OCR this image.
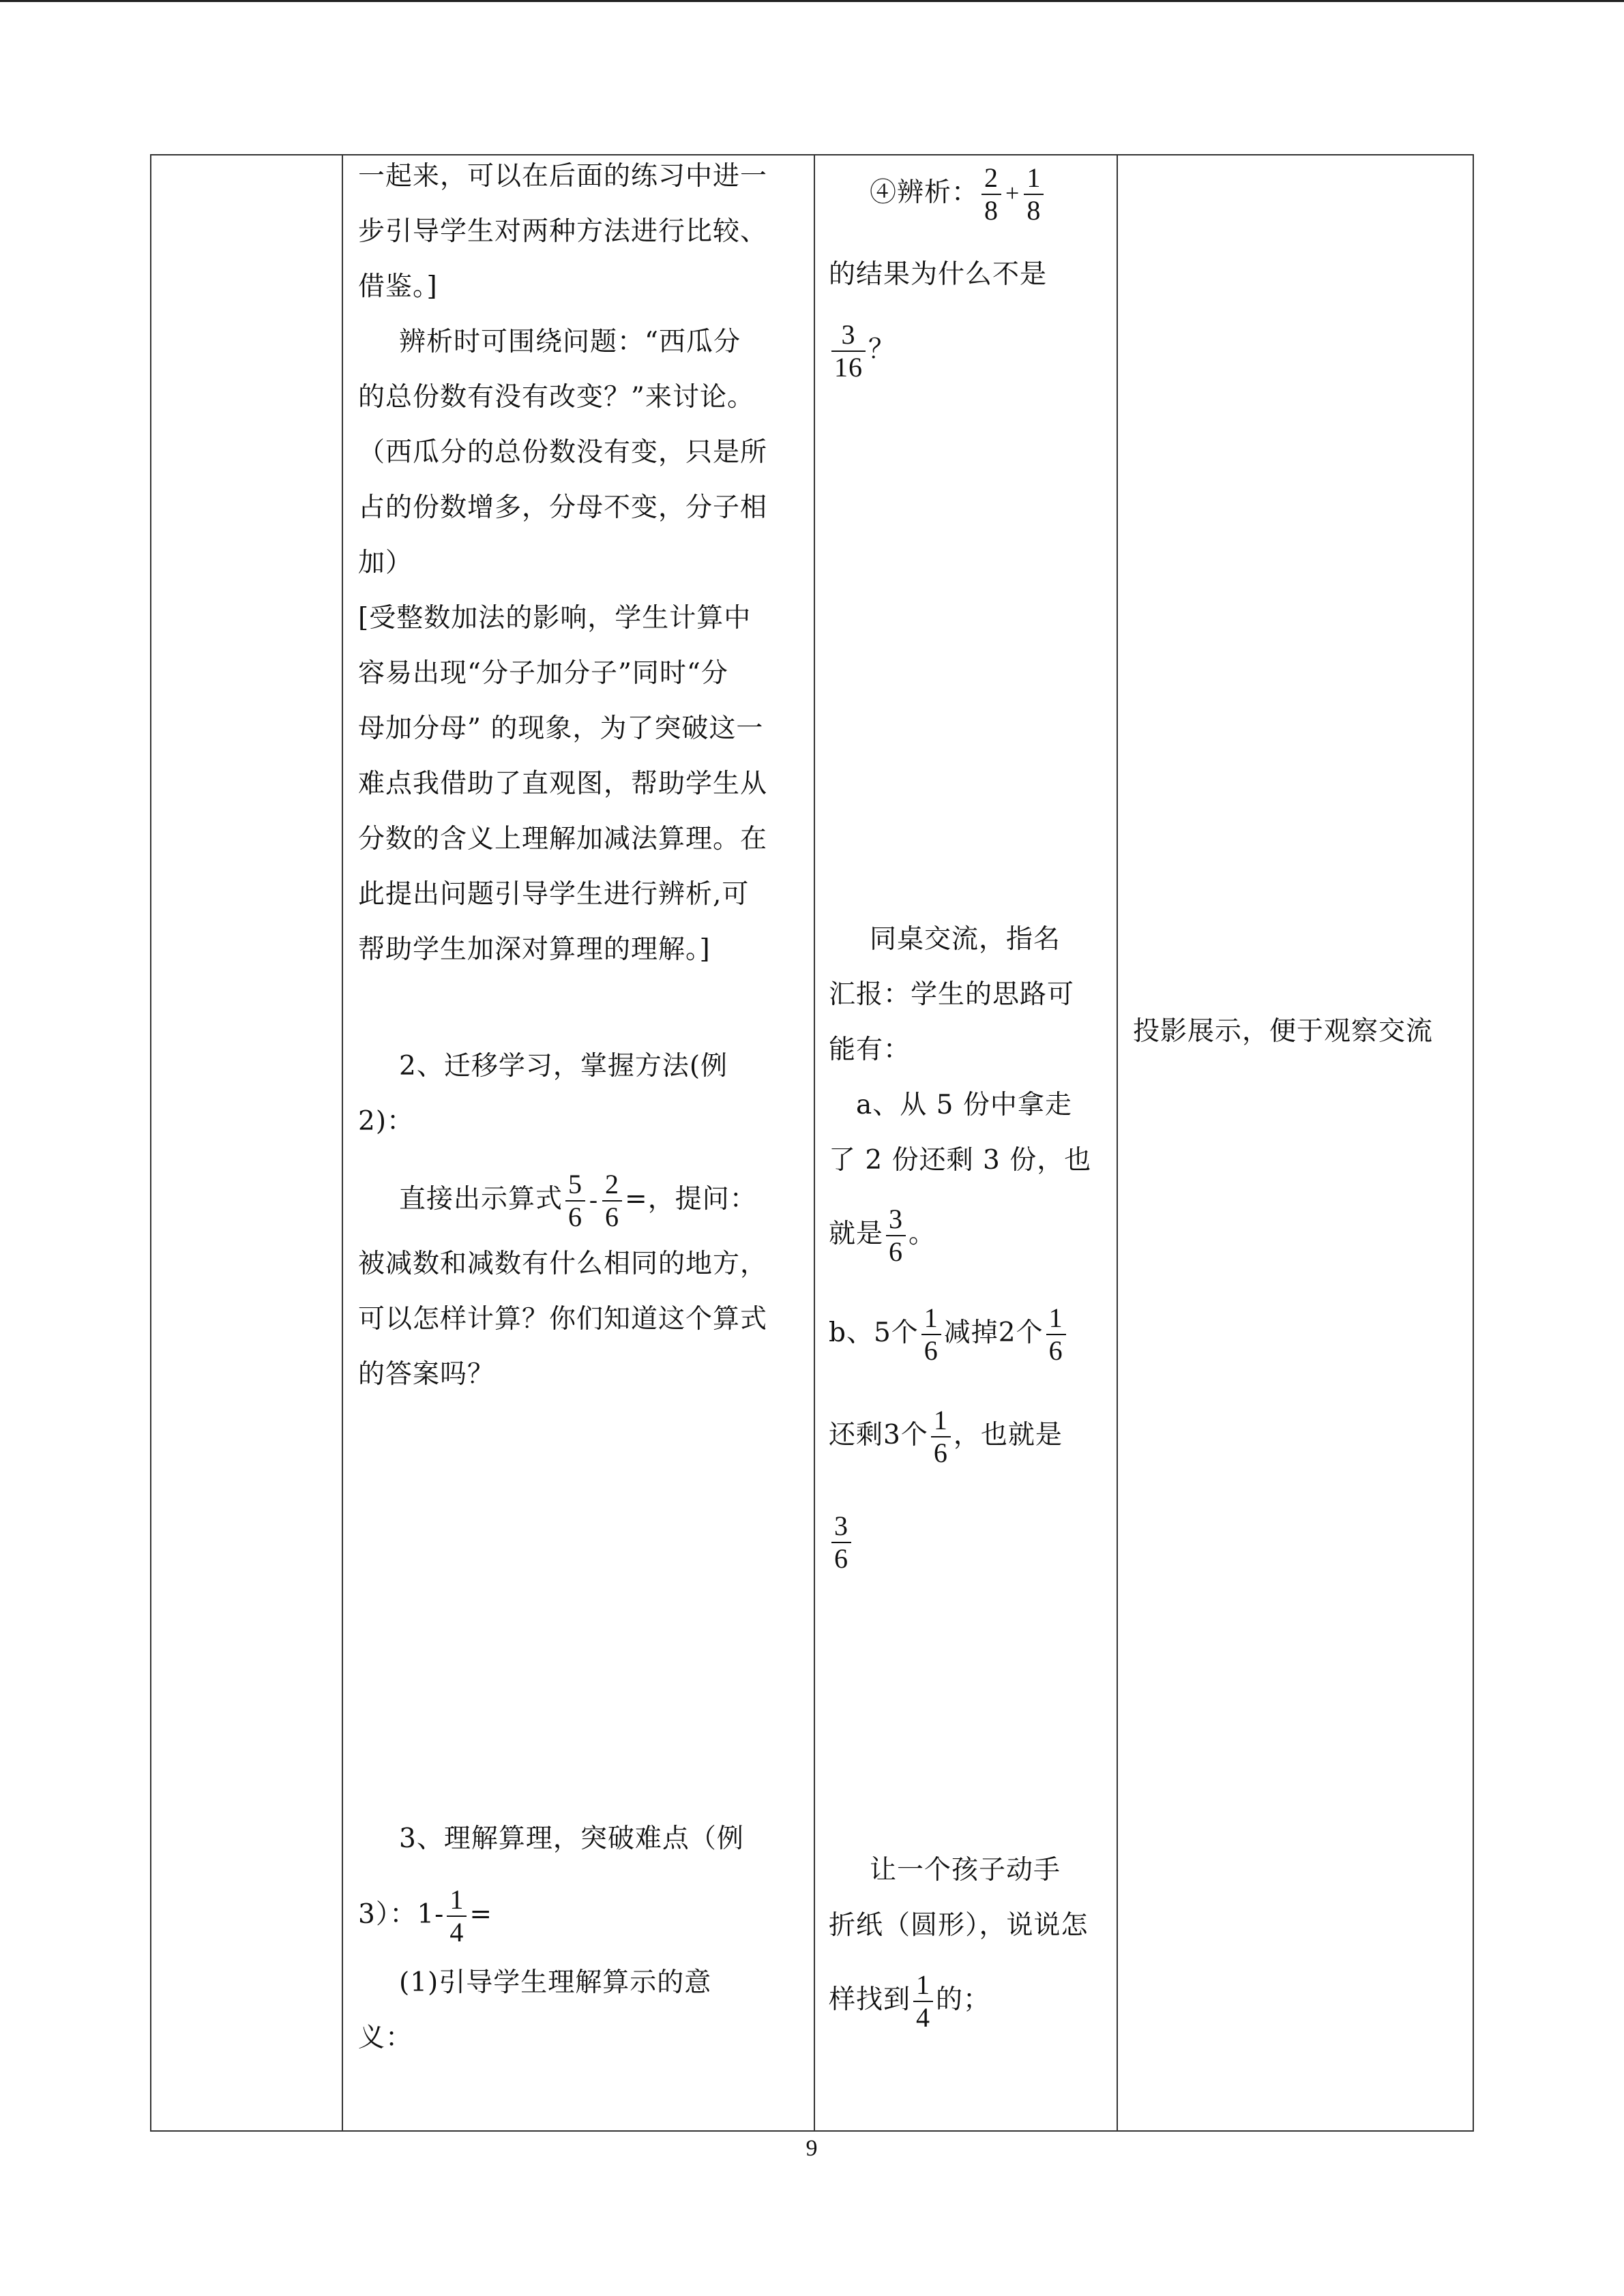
一起来，可以在后面的练习中进一
步引导学生对两种方法进行比较、
借鉴。]
辨析时可围绕问题：“西瓜分
的总份数有没有改变？”来讨论。
（西瓜分的总份数没有变，只是所
占的份数增多，分母不变，分子相
加）
[受整数加法的影响，学生计算中
容易出现“分子加分子”同时“分
母加分母” 的现象，为了突破这一
难点我借助了直观图，帮助学生从
分数的含义上理解加减法算理。在
此提出问题引导学生进行辨析,可
帮助学生加深对算理的理解。]
2、迁移学习，掌握方法(例
2)：
直接出示算式 $\frac{5}{6} - \frac{2}{6}$ =，提问：
被减数和减数有什么相同的地方，
可以怎样计算？你们知道这个算式
的答案吗？
3、理解算理，突破难点（例
3）：$1- \frac{1}{4}$ =
(1)引导学生理解算示的意
义：
④辨析： $\frac{2}{8} + \frac{1}{8}$
的结果为什么不是
$\frac{3}{16}$ ？
同桌交流，指名
汇报：学生的思路可
能有：
a、从 5 份中拿走
了 2 份还剩 3 份，也
就是 $\frac{3}{6}$ 。
b、5个 $\frac{1}{6}$ 减掉2个 $\frac{1}{6}$
还剩3个 $\frac{1}{6}$ ，也就是
$\frac{3}{6}$
让一个孩子动手
折纸（圆形），说说怎
样找到 $\frac{1}{4}$ 的；
投影展示，便于观察交流
9
